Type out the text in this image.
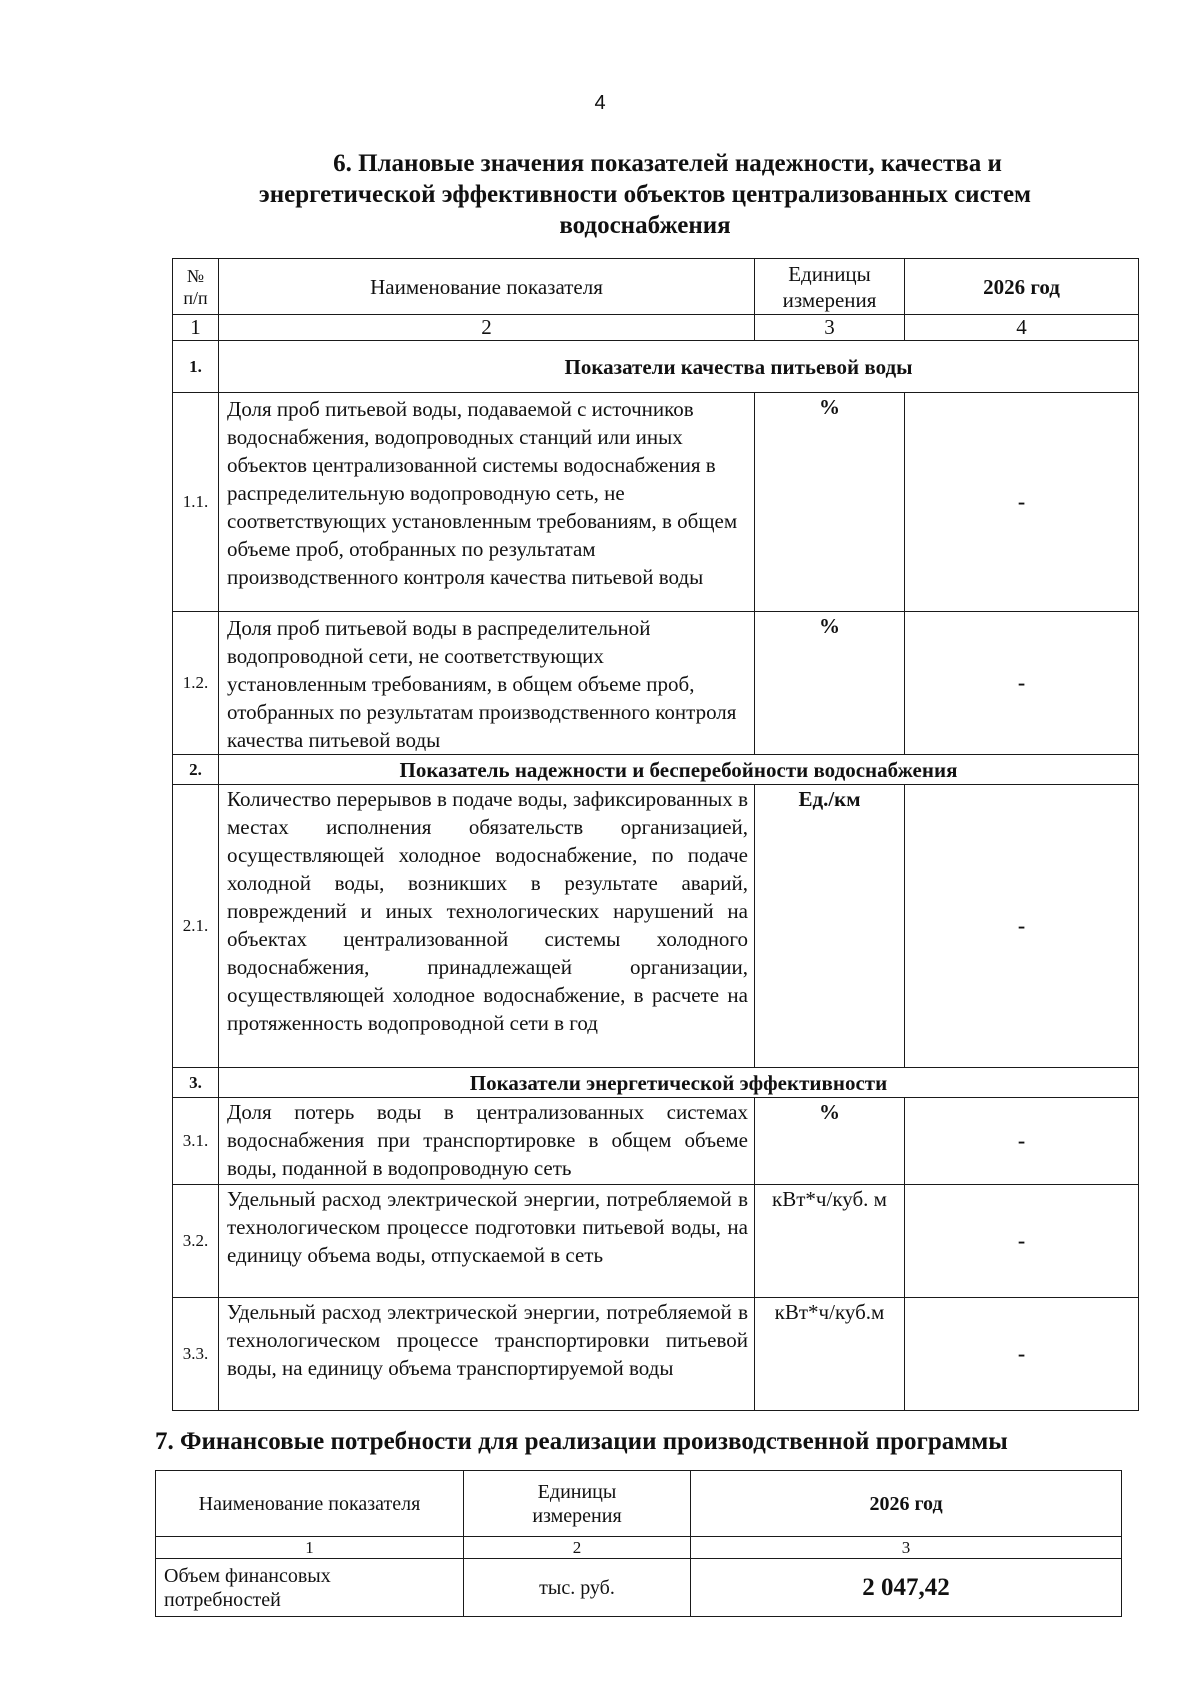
4
6. Плановые значения показателей надежности, качества и
энергетической эффективности объектов централизованных систем
водоснабжения
№ п/п	Наименование показателя	Единицы измерения	2026 год
1	2	3	4
1.	Показатели качества питьевой воды		
1.1.	Доля проб питьевой воды, подаваемой с источников водоснабжения, водопроводных станций или иных объектов централизованной системы водоснабжения в распределительную водопроводную сеть, не соответствующих установленным требованиям, в общем объеме проб, отобранных по результатам производственного контроля качества питьевой воды	%	-
1.2.	Доля проб питьевой воды в распределительной водопроводной сети, не соответствующих установленным требованиям, в общем объеме проб, отобранных по результатам производственного контроля качества питьевой воды	%	-
2.	Показатель надежности и бесперебойности водоснабжения		
2.1.	Количество перерывов в подаче воды, зафиксированных в местах исполнения обязательств организацией, осуществляющей холодное водоснабжение, по подаче холодной воды, возникших в результате аварий, повреждений и иных технологических нарушений на объектах централизованной системы холодного водоснабжения, принадлежащей организации, осуществляющей холодное водоснабжение, в расчете на протяженность водопроводной сети в год	Ед./км	-
3.	Показатели энергетической эффективности		
3.1.	Доля потерь воды в централизованных системах водоснабжения при транспортировке в общем объеме воды, поданной в водопроводную сеть	%	-
3.2.	Удельный расход электрической энергии, потребляемой в технологическом процессе подготовки питьевой воды, на единицу объема воды, отпускаемой в сеть	кВт*ч/куб. м	-
3.3.	Удельный расход электрической энергии, потребляемой в технологическом процессе транспортировки питьевой воды, на единицу объема транспортируемой воды	кВт*ч/куб.м	-
7. Финансовые потребности для реализации производственной программы
Наименование показателя	Единицы измерения	2026 год
1	2	3
Объем финансовых потребностей	тыс. руб.	2 047,42
